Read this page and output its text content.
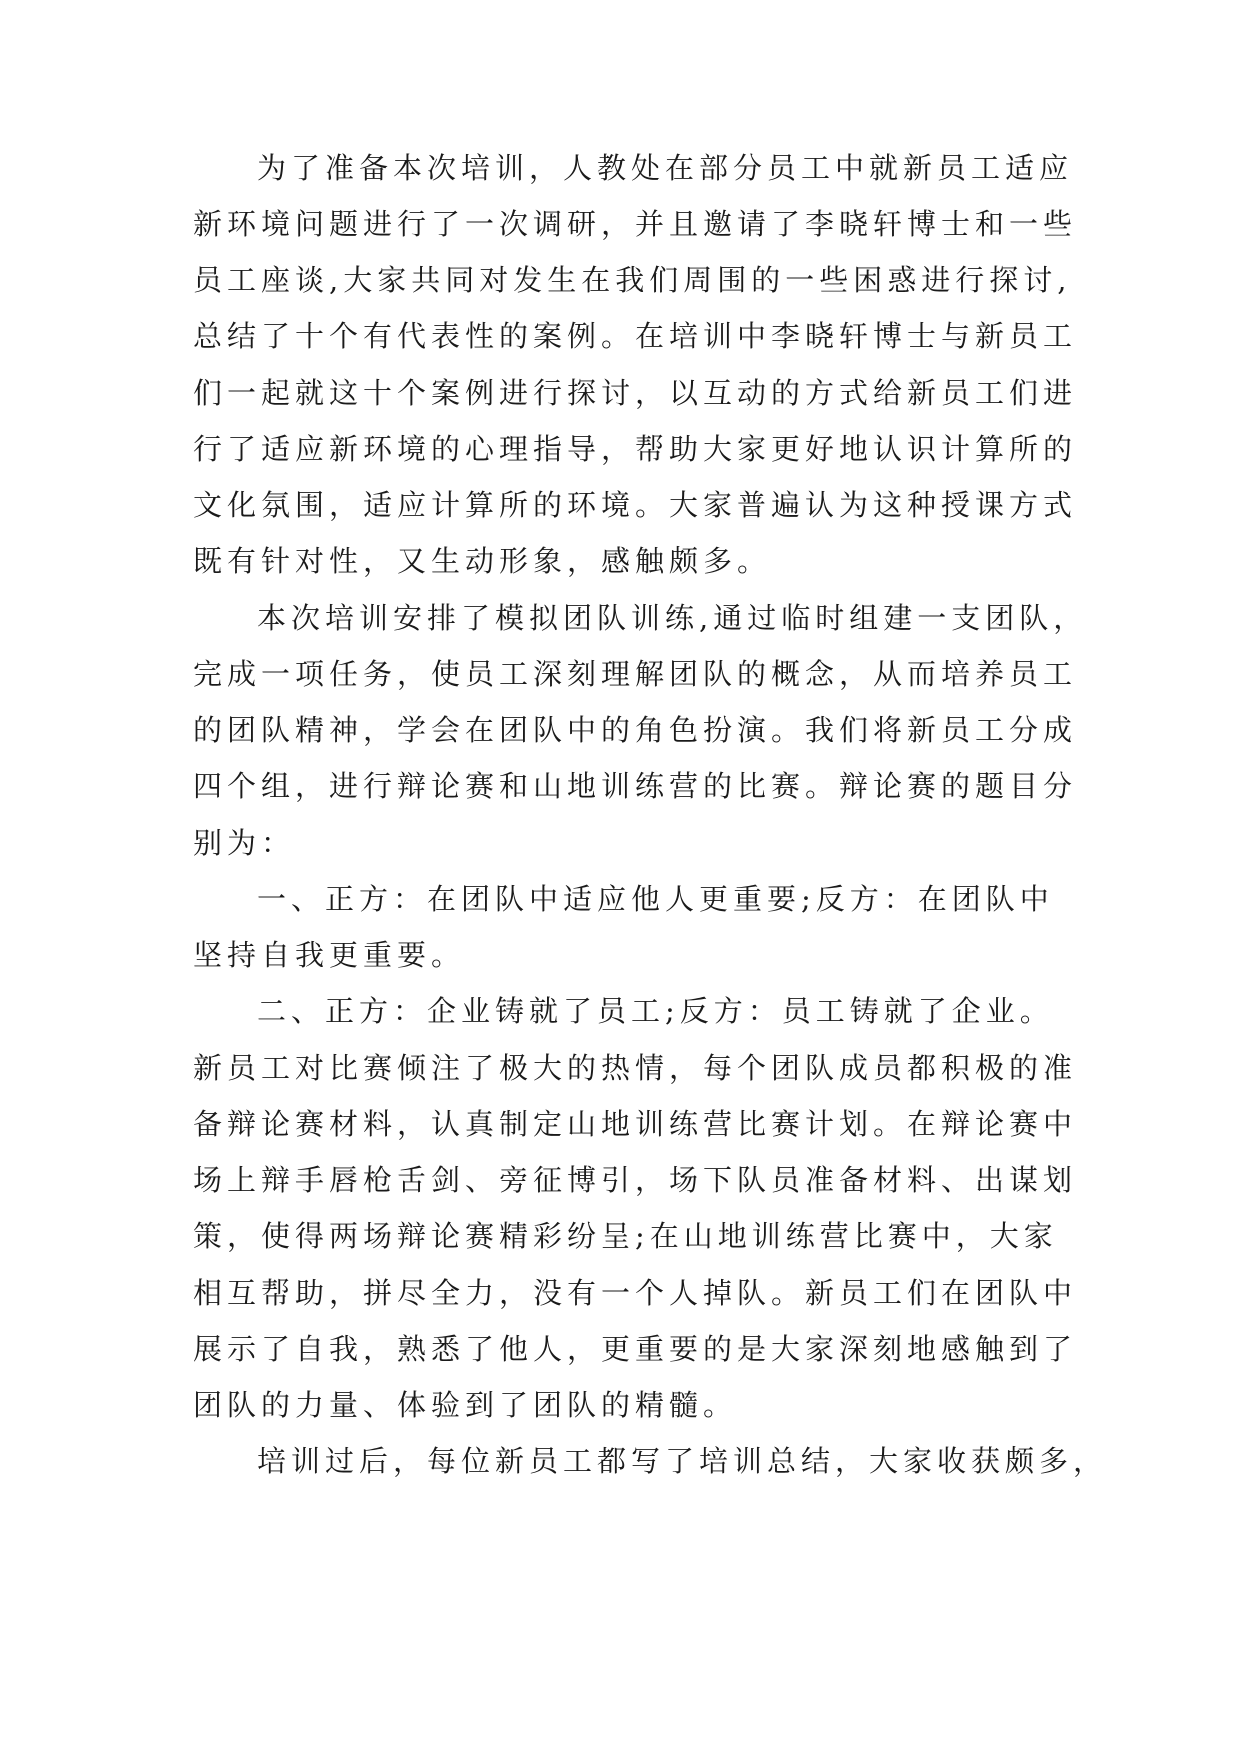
为了准备本次培训，人教处在部分员工中就新员工适应
新环境问题进行了一次调研，并且邀请了李晓轩博士和一些
员工座谈,大家共同对发生在我们周围的一些困惑进行探讨,
总结了十个有代表性的案例。在培训中李晓轩博士与新员工
们一起就这十个案例进行探讨，以互动的方式给新员工们进
行了适应新环境的心理指导，帮助大家更好地认识计算所的
文化氛围，适应计算所的环境。大家普遍认为这种授课方式
既有针对性，又生动形象，感触颇多。
本次培训安排了模拟团队训练,通过临时组建一支团队，
完成一项任务，使员工深刻理解团队的概念，从而培养员工
的团队精神，学会在团队中的角色扮演。我们将新员工分成
四个组，进行辩论赛和山地训练营的比赛。辩论赛的题目分
别为：
一、正方：在团队中适应他人更重要;反方：在团队中
坚持自我更重要。
二、正方：企业铸就了员工;反方：员工铸就了企业。
新员工对比赛倾注了极大的热情，每个团队成员都积极的准
备辩论赛材料，认真制定山地训练营比赛计划。在辩论赛中
场上辩手唇枪舌剑、旁征博引，场下队员准备材料、出谋划
策，使得两场辩论赛精彩纷呈;在山地训练营比赛中，大家
相互帮助，拼尽全力，没有一个人掉队。新员工们在团队中
展示了自我，熟悉了他人，更重要的是大家深刻地感触到了
团队的力量、体验到了团队的精髓。
培训过后，每位新员工都写了培训总结，大家收获颇多，
